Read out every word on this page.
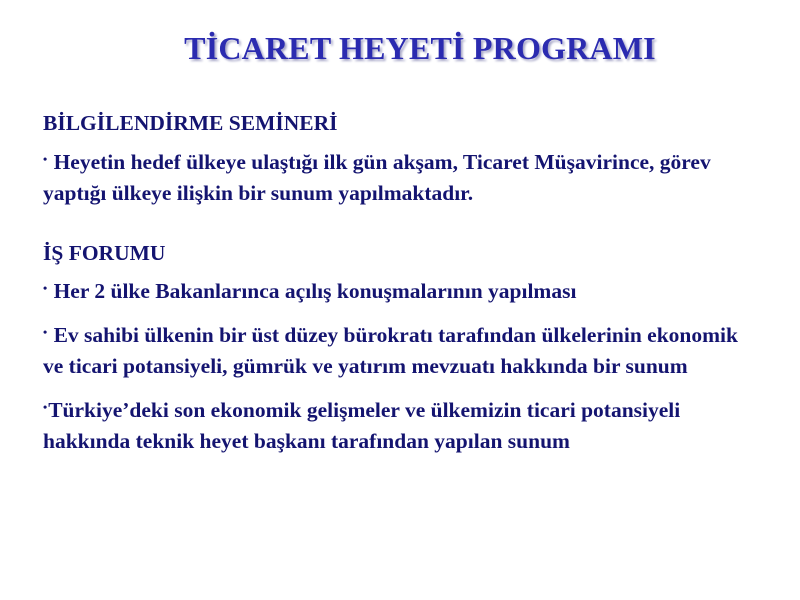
TİCARET HEYETİ PROGRAMI
BİLGİLENDİRME SEMİNERİ
• Heyetin hedef ülkeye ulaştığı ilk gün akşam, Ticaret Müşavirince, görev yaptığı ülkeye ilişkin bir sunum yapılmaktadır.
İŞ FORUMU
• Her 2 ülke Bakanlarınca açılış konuşmalarının yapılması
• Ev sahibi ülkenin bir üst düzey bürokratı tarafından ülkelerinin ekonomik ve ticari potansiyeli, gümrük ve yatırım mevzuatı hakkında bir sunum
•Türkiye’deki son ekonomik gelişmeler ve ülkemizin ticari potansiyeli hakkında teknik heyet başkanı tarafından yapılan sunum
